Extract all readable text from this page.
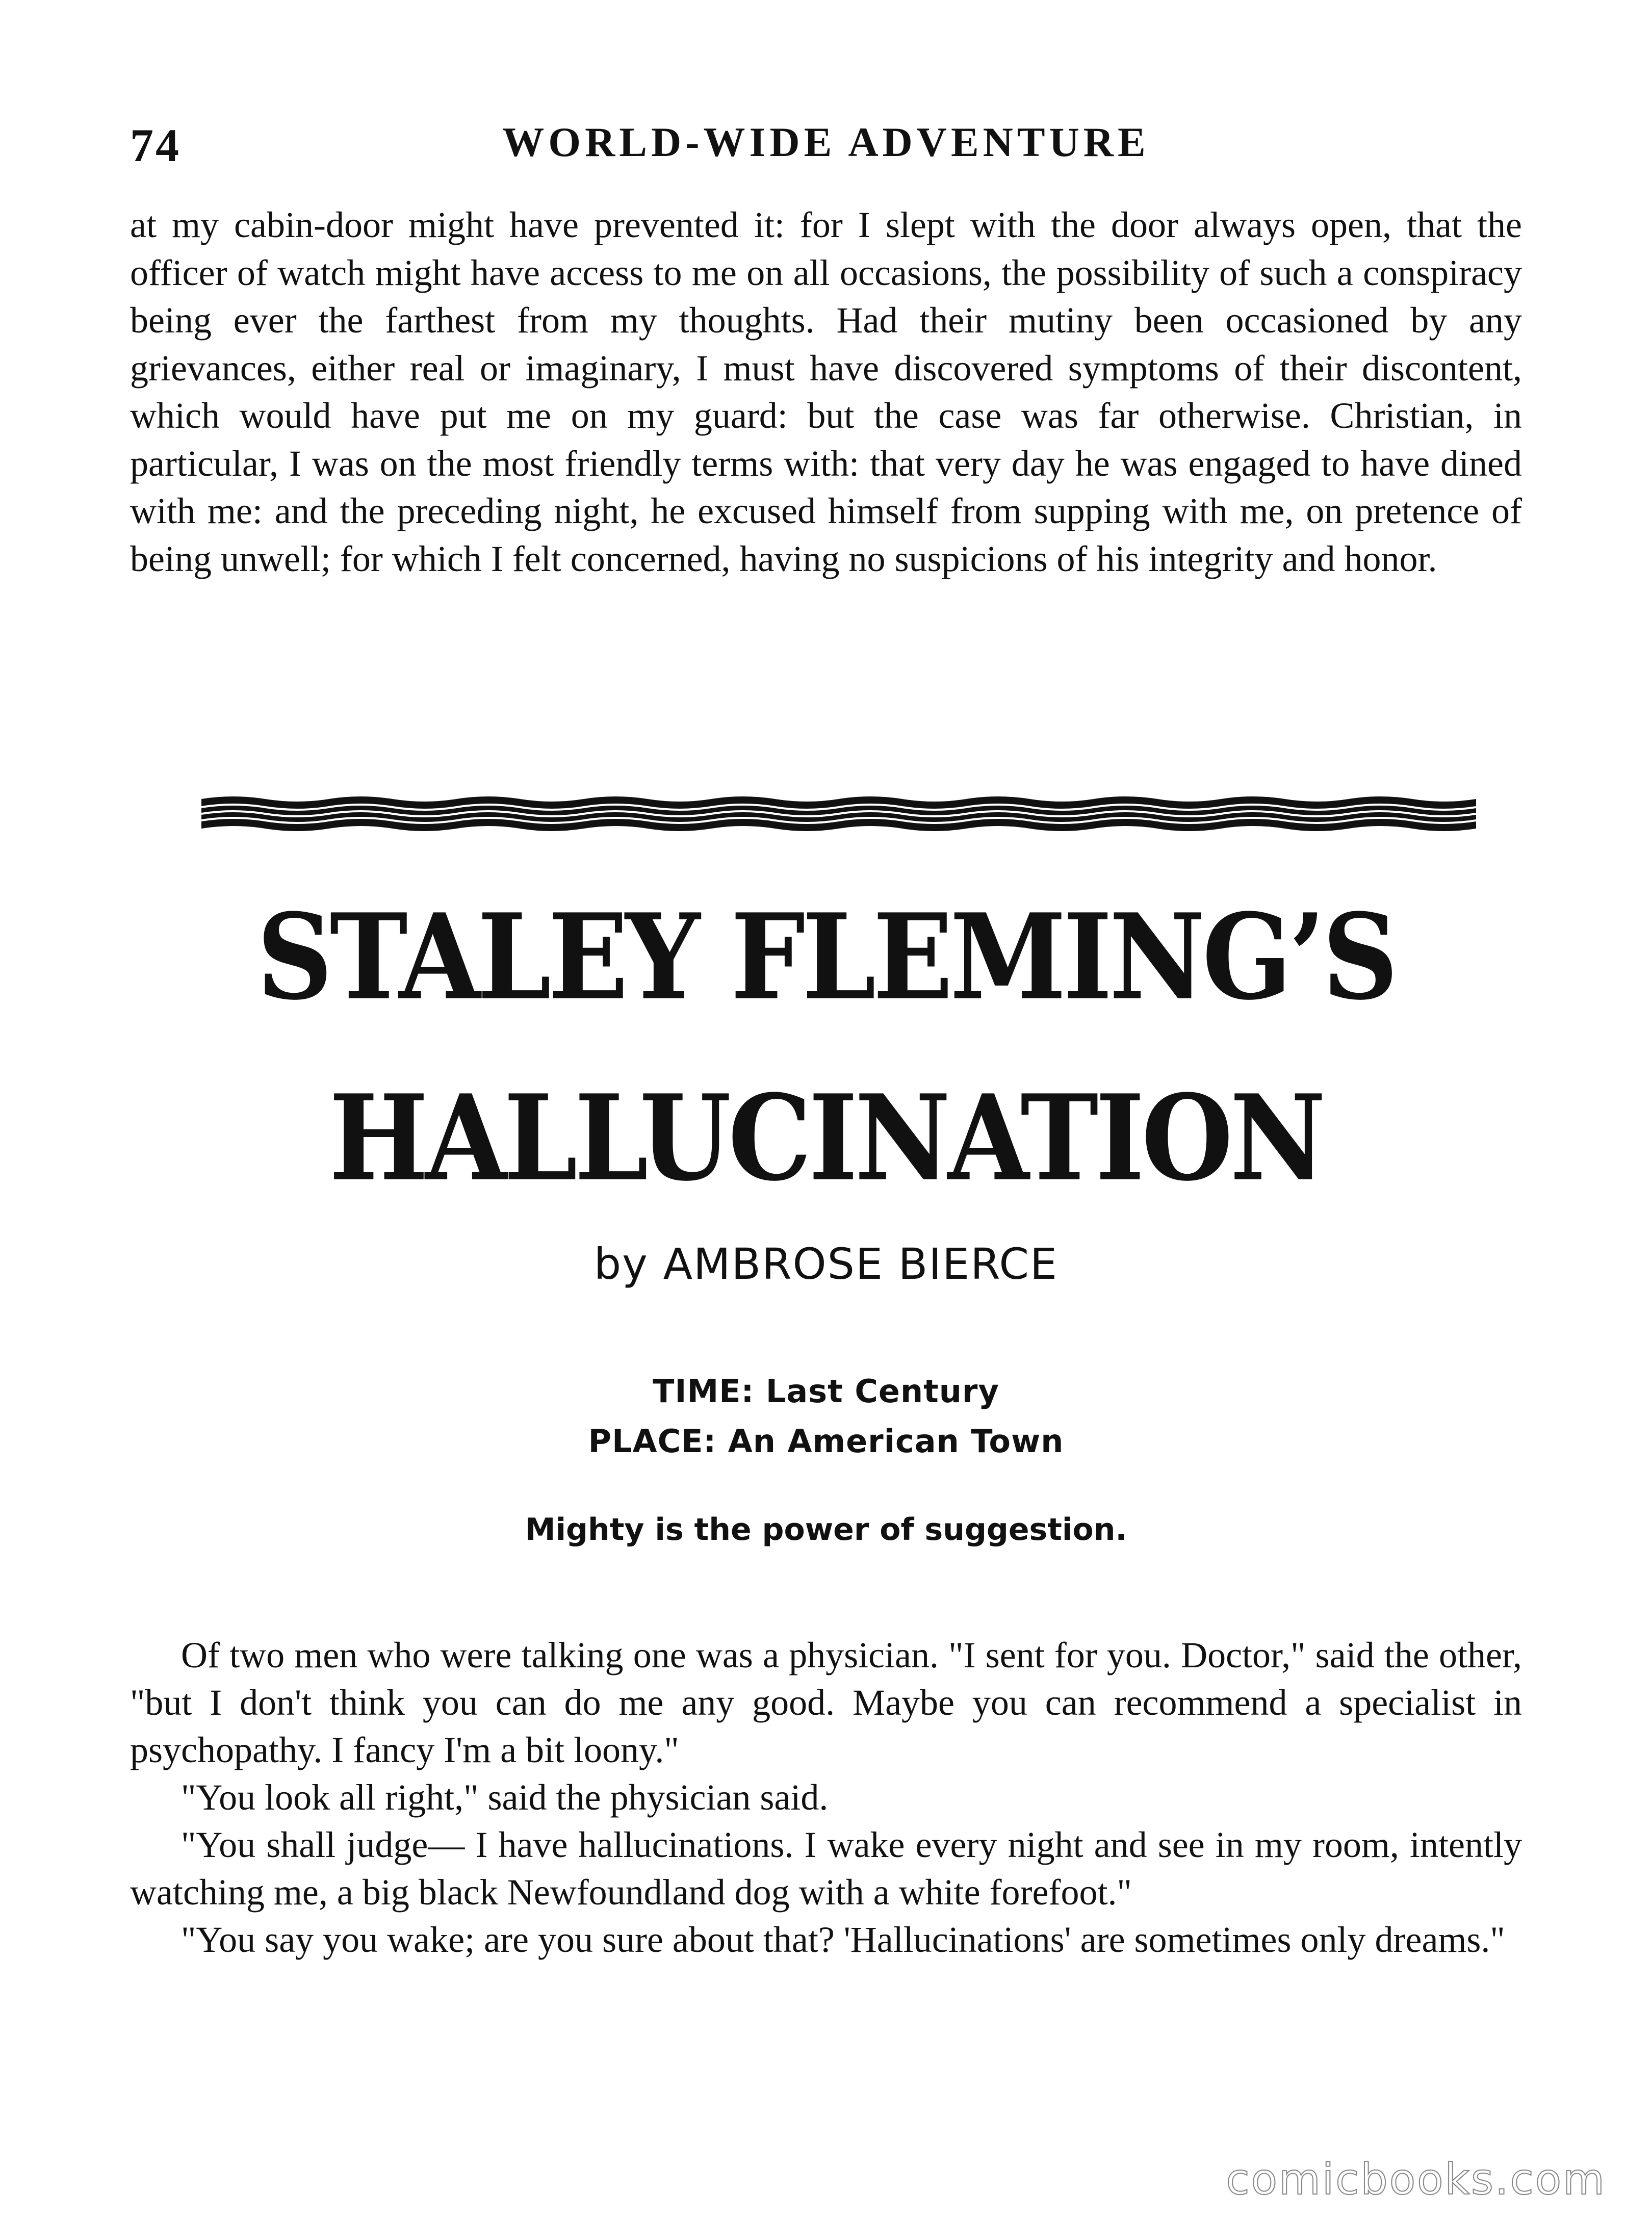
74	WORLD-WIDE ADVENTURE

at my cabin-door might have prevented it: for I slept with the door always open, that the officer of watch might have access to me on all occasions, the possibility of such a conspiracy being ever the farthest from my thoughts. Had their mutiny been occasioned by any grievances, either real or imaginary, I must have discovered symptoms of their discontent, which would have put me on my guard: but the case was far otherwise. Christian, in particular, I was on the most friendly terms with: that very day he was engaged to have dined with me: and the preceding night, he excused himself from supping with me, on pretence of being unwell; for which I felt concerned, having no suspicions of his integrity and honor.

STALEY FLEMING’S
HALLUCINATION
by AMBROSE BIERCE
TIME: Last Century
PLACE: An American Town
Mighty is the power of suggestion.

Of two men who were talking one was a physician. "I sent for you. Doctor," said the other, "but I don't think you can do me any good. Maybe you can recommend a specialist in psychopathy. I fancy I'm a bit loony."

"You look all right," said the physician said.

"You shall judge— I have hallucinations. I wake every night and see in my room, intently watching me, a big black Newfoundland dog with a white forefoot."

"You say you wake; are you sure about that? 'Hallucinations' are sometimes only dreams."

comicbooks.com
